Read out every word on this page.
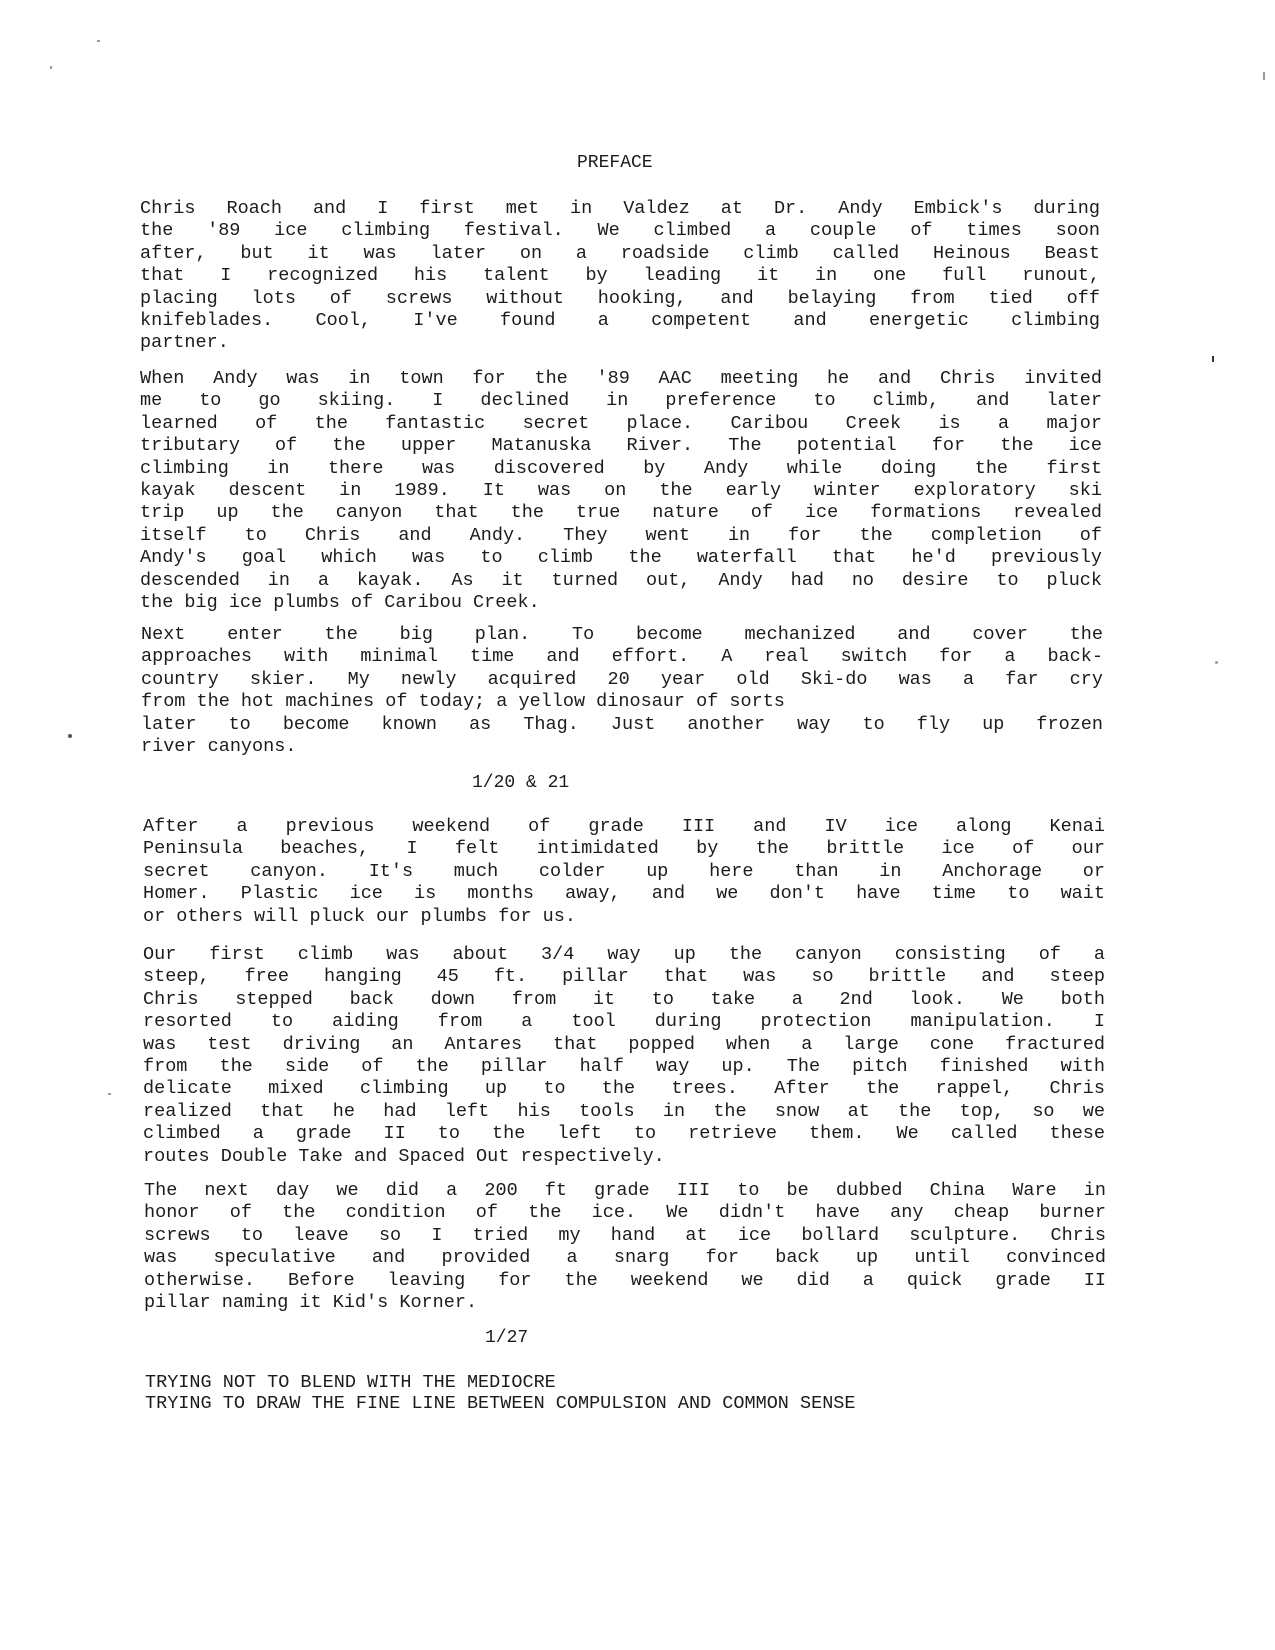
PREFACE
Chris Roach and I first met in Valdez at Dr. Andy Embick's during
the '89 ice climbing festival. We climbed a couple of times soon
after, but it was later on a roadside climb called Heinous Beast
that I recognized his talent by leading it in one full runout,
placing lots of screws without hooking, and belaying from tied off
knifeblades. Cool, I've found a competent and energetic climbing
partner.
When Andy was in town for the '89 AAC meeting he and Chris invited
me to go skiing. I declined in preference to climb, and later
learned of the fantastic secret place. Caribou Creek is a major
tributary of the upper Matanuska River. The potential for the ice
climbing in there was discovered by Andy while doing the first
kayak descent in 1989. It was on the early winter exploratory ski
trip up the canyon that the true nature of ice formations revealed
itself to Chris and Andy. They went in for the completion of
Andy's goal which was to climb the waterfall that he'd previously
descended in a kayak. As it turned out, Andy had no desire to pluck
the big ice plumbs of Caribou Creek.
Next enter the big plan. To become mechanized and cover the
approaches with minimal time and effort. A real switch for a back-
country skier. My newly acquired 20 year old Ski-do was a far cry
from the hot machines of today; a yellow dinosaur of sorts
later to become known as Thag. Just another way to fly up frozen
river canyons.
1/20 & 21
After a previous weekend of grade III and IV ice along Kenai
Peninsula beaches, I felt intimidated by the brittle ice of our
secret canyon. It's much colder up here than in Anchorage or
Homer. Plastic ice is months away, and we don't have time to wait
or others will pluck our plumbs for us.
Our first climb was about 3/4 way up the canyon consisting of a
steep, free hanging 45 ft. pillar that was so brittle and steep
Chris stepped back down from it to take a 2nd look. We both
resorted to aiding from a tool during protection manipulation. I
was test driving an Antares that popped when a large cone fractured
from the side of the pillar half way up. The pitch finished with
delicate mixed climbing up to the trees. After the rappel, Chris
realized that he had left his tools in the snow at the top, so we
climbed a grade II to the left to retrieve them. We called these
routes Double Take and Spaced Out respectively.
The next day we did a 200 ft grade III to be dubbed China Ware in
honor of the condition of the ice. We didn't have any cheap burner
screws to leave so I tried my hand at ice bollard sculpture. Chris
was speculative and provided a snarg for back up until convinced
otherwise. Before leaving for the weekend we did a quick grade II
pillar naming it Kid's Korner.
1/27
TRYING NOT TO BLEND WITH THE MEDIOCRE
TRYING TO DRAW THE FINE LINE BETWEEN COMPULSION AND COMMON SENSE
